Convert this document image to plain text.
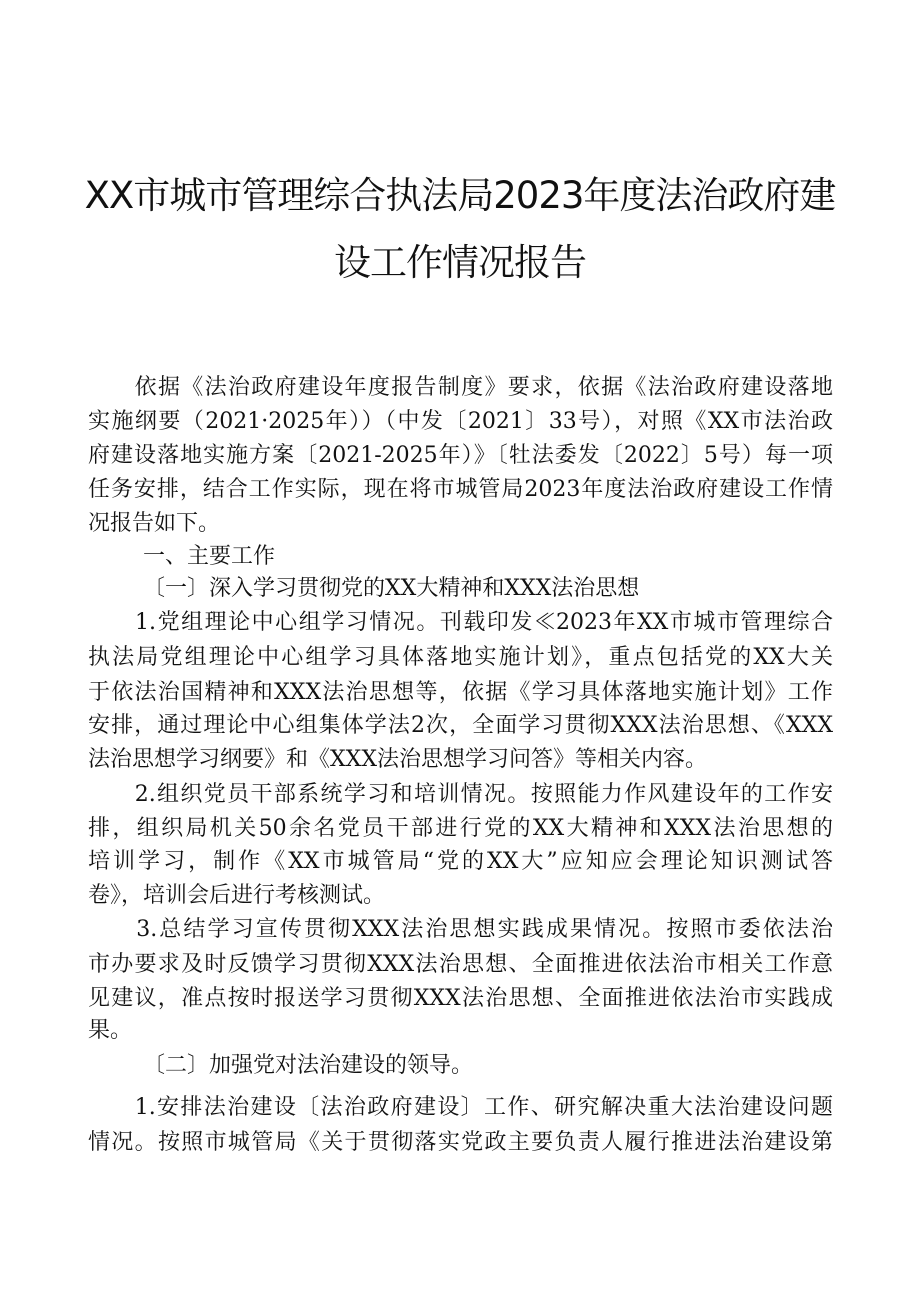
XX市城市管理综合执法局2023年度法治政府建
设工作情况报告

　　依据《法治政府建设年度报告制度》要求，依据《法治政府建设落地

实施纲要（2021·2025年））（中发〔2021〕33号），对照《XX市法治政

府建设落地实施方案〔2021-2025年）》〔牡法委发〔2022〕5号）每一项

任务安排，结合工作实际，现在将市城管局2023年度法治政府建设工作情

况报告如下。

一、主要工作

〔一〕深入学习贯彻党的XX大精神和XXX法治思想

　　1.党组理论中心组学习情况。刊载印发≪2023年XX市城市管理综合

执法局党组理论中心组学习具体落地实施计划》，重点包括党的XX大关

于依法治国精神和XXX法治思想等，依据《学习具体落地实施计划》工作

安排，通过理论中心组集体学法2次，全面学习贯彻XXX法治思想、《XXX

法治思想学习纲要》和《XXX法治思想学习问答》等相关内容。

　　2.组织党员干部系统学习和培训情况。按照能力作风建设年的工作安

排，组织局机关50余名党员干部进行党的XX大精神和XXX法治思想的

培训学习，制作《XX市城管局“党的XX大”应知应会理论知识测试答

卷》，培训会后进行考核测试。

　　3.总结学习宣传贯彻XXX法治思想实践成果情况。按照市委依法治

市办要求及时反馈学习贯彻XXX法治思想、全面推进依法治市相关工作意

见建议，准点按时报送学习贯彻XXX法治思想、全面推进依法治市实践成

果。

〔二〕加强党对法治建设的领导。

　　1.安排法治建设〔法治政府建设〕工作、研究解决重大法治建设问题

情况。按照市城管局《关于贯彻落实党政主要负责人履行推进法治建设第
